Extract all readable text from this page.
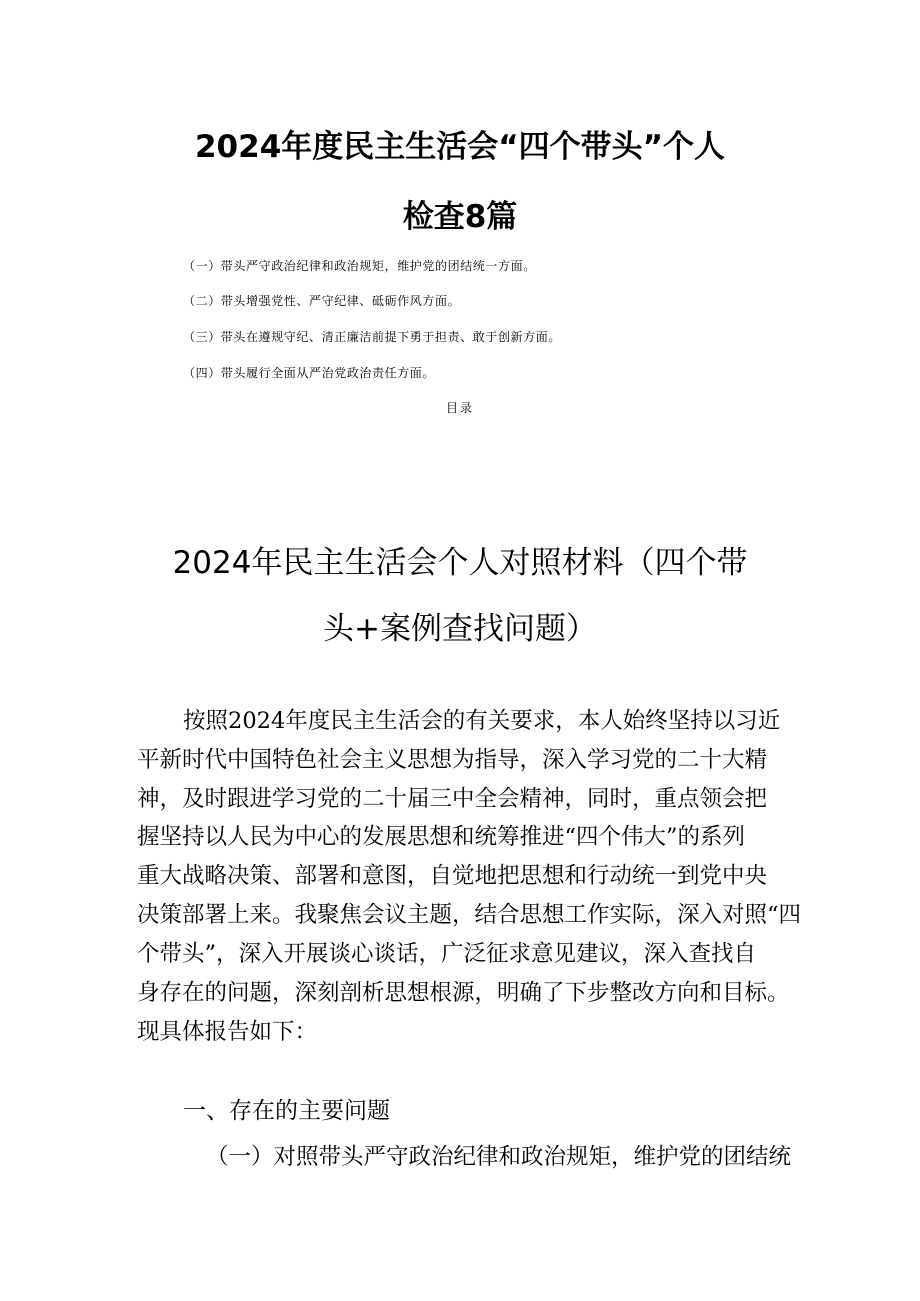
2024年度民主生活会“四个带头”个人
检查8篇
（一）带头严守政治纪律和政治规矩，维护党的团结统一方面。
（二）带头增强党性、严守纪律、砥砺作风方面。
（三）带头在遵规守纪、清正廉洁前提下勇于担责、敢于创新方面。
（四）带头履行全面从严治党政治责任方面。
目录
2024年民主生活会个人对照材料（四个带
头+案例查找问题）
按照2024年度民主生活会的有关要求，本人始终坚持以习近
平新时代中国特色社会主义思想为指导，深入学习党的二十大精
神，及时跟进学习党的二十届三中全会精神，同时，重点领会把
握坚持以人民为中心的发展思想和统筹推进“四个伟大”的系列
重大战略决策、部署和意图，自觉地把思想和行动统一到党中央
决策部署上来。我聚焦会议主题，结合思想工作实际，深入对照“四
个带头”，深入开展谈心谈话，广泛征求意见建议，深入查找自
身存在的问题，深刻剖析思想根源，明确了下步整改方向和目标。
现具体报告如下：
一、存在的主要问题
（一）对照带头严守政治纪律和政治规矩，维护党的团结统
